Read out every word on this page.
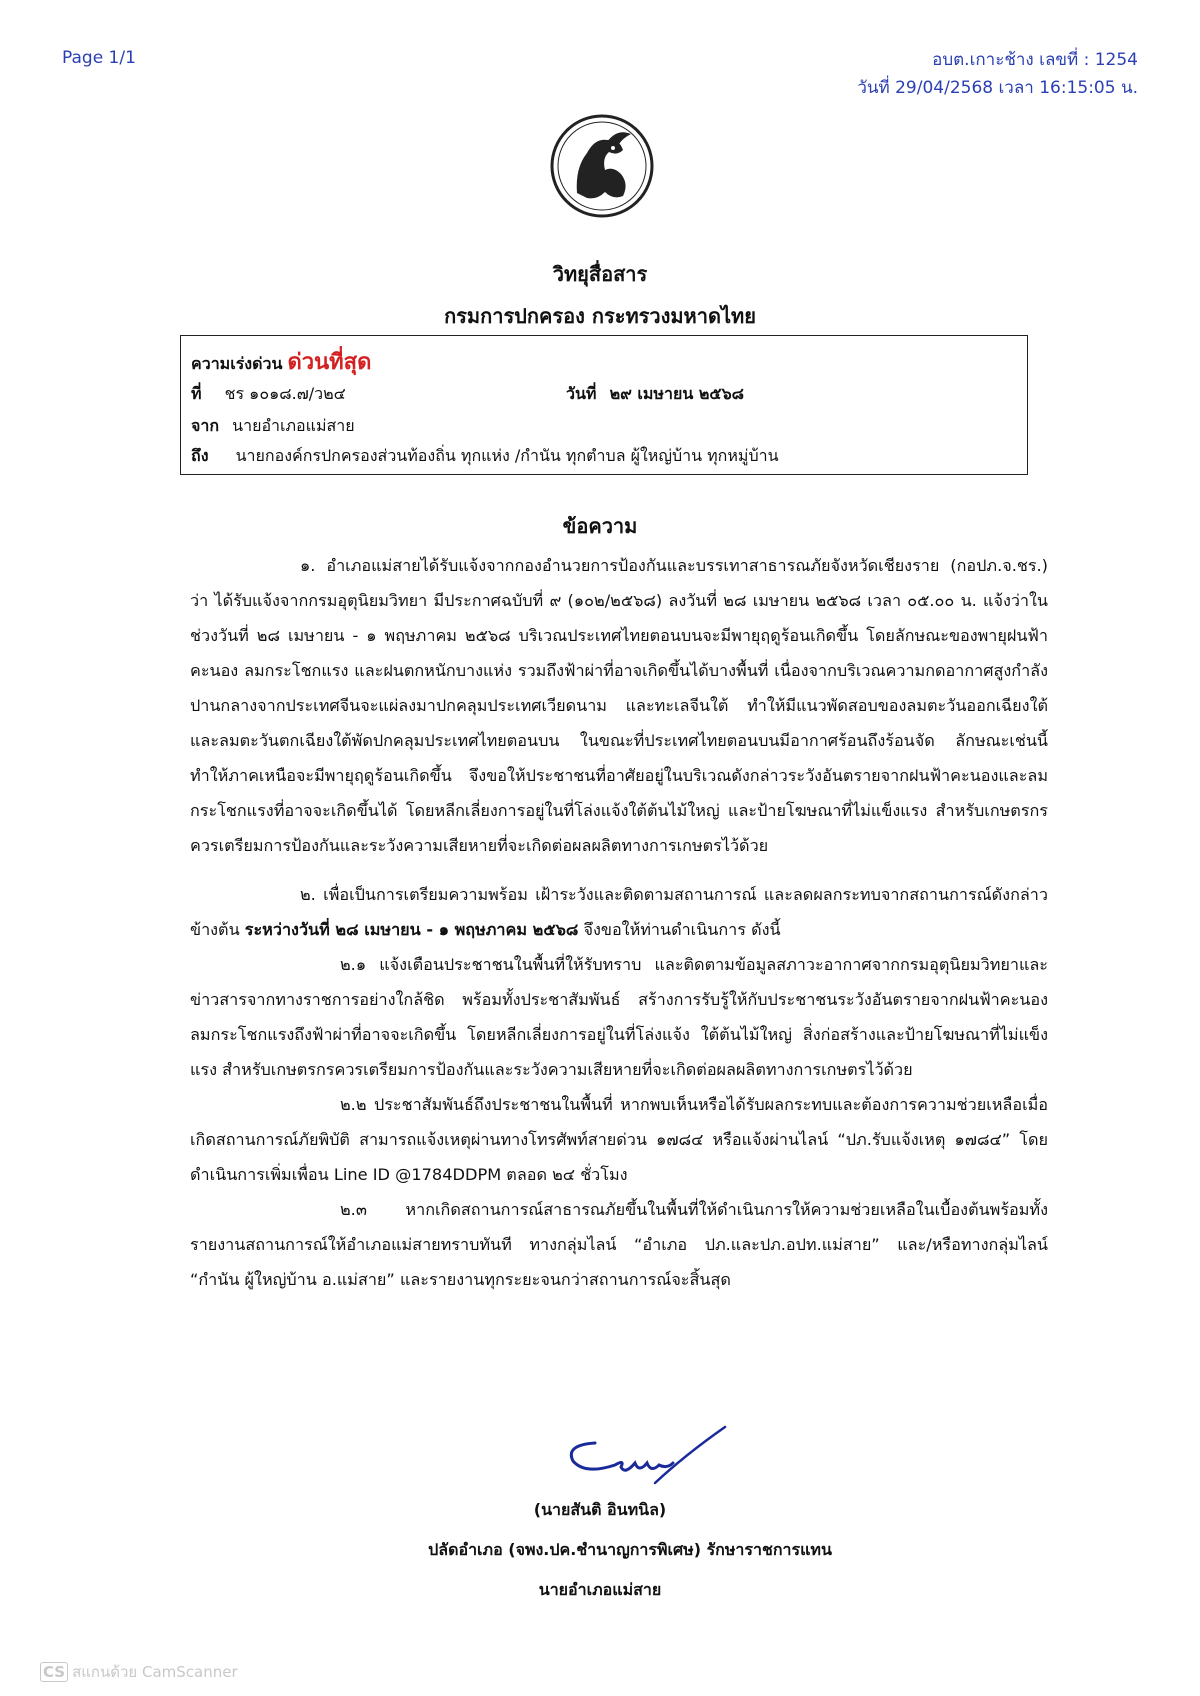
Page 1/1	อบต.เกาะช้าง เลขที่ : 1254
วันที่ 29/04/2568 เวลา 16:15:05 น.
วิทยุสื่อสาร
กรมการปกครอง กระทรวงมหาดไทย
ความเร่งด่วน ด่วนที่สุด
ที่ ชร ๑๐๑๘.๗/ว๒๔	วันที่ ๒๙ เมษายน ๒๕๖๘
จาก นายอำเภอแม่สาย
ถึง นายกองค์กรปกครองส่วนท้องถิ่น ทุกแห่ง /กำนัน ทุกตำบล ผู้ใหญ่บ้าน ทุกหมู่บ้าน
ข้อความ

๑. อำเภอแม่สายได้รับแจ้งจากกองอำนวยการป้องกันและบรรเทาสาธารณภัยจังหวัดเชียงราย (กอปภ.จ.ชร.) ว่า ได้รับแจ้งจากกรมอุตุนิยมวิทยา มีประกาศฉบับที่ ๙ (๑๐๒/๒๕๖๘) ลงวันที่ ๒๘ เมษายน ๒๕๖๘ เวลา ๐๕.๐๐ น. แจ้งว่าในช่วงวันที่ ๒๘ เมษายน - ๑ พฤษภาคม ๒๕๖๘ บริเวณประเทศไทยตอนบนจะมีพายุฤดูร้อนเกิดขึ้น โดยลักษณะของพายุฝนฟ้าคะนอง ลมกระโชกแรง และฝนตกหนักบางแห่ง รวมถึงฟ้าผ่าที่อาจเกิดขึ้นได้บางพื้นที่ เนื่องจากบริเวณความกดอากาศสูงกำลังปานกลางจากประเทศจีนจะแผ่ลงมาปกคลุมประเทศเวียดนาม และทะเลจีนใต้ ทำให้มีแนวพัดสอบของลมตะวันออกเฉียงใต้ และลมตะวันตกเฉียงใต้พัดปกคลุมประเทศไทยตอนบน ในขณะที่ประเทศไทยตอนบนมีอากาศร้อนถึงร้อนจัด ลักษณะเช่นนี้ทำให้ภาคเหนือจะมีพายุฤดูร้อนเกิดขึ้น จึงขอให้ประชาชนที่อาศัยอยู่ในบริเวณดังกล่าวระวังอันตรายจากฝนฟ้าคะนองและลมกระโชกแรงที่อาจจะเกิดขึ้นได้ โดยหลีกเลี่ยงการอยู่ในที่โล่งแจ้งใต้ต้นไม้ใหญ่ และป้ายโฆษณาที่ไม่แข็งแรง สำหรับเกษตรกรควรเตรียมการป้องกันและระวังความเสียหายที่จะเกิดต่อผลผลิตทางการเกษตรไว้ด้วย

๒. เพื่อเป็นการเตรียมความพร้อม เฝ้าระวังและติดตามสถานการณ์ และลดผลกระทบจากสถานการณ์ดังกล่าวข้างต้น ระหว่างวันที่ ๒๘ เมษายน - ๑ พฤษภาคม ๒๕๖๘ จึงขอให้ท่านดำเนินการ ดังนี้

๒.๑ แจ้งเตือนประชาชนในพื้นที่ให้รับทราบ และติดตามข้อมูลสภาวะอากาศจากกรมอุตุนิยมวิทยาและข่าวสารจากทางราชการอย่างใกล้ชิด พร้อมทั้งประชาสัมพันธ์ สร้างการรับรู้ให้กับประชาชนระวังอันตรายจากฝนฟ้าคะนอง ลมกระโชกแรงถึงฟ้าผ่าที่อาจจะเกิดขึ้น โดยหลีกเลี่ยงการอยู่ในที่โล่งแจ้ง ใต้ต้นไม้ใหญ่ สิ่งก่อสร้างและป้ายโฆษณาที่ไม่แข็งแรง สำหรับเกษตรกรควรเตรียมการป้องกันและระวังความเสียหายที่จะเกิดต่อผลผลิตทางการเกษตรไว้ด้วย

๒.๒ ประชาสัมพันธ์ถึงประชาชนในพื้นที่ หากพบเห็นหรือได้รับผลกระทบและต้องการความช่วยเหลือเมื่อเกิดสถานการณ์ภัยพิบัติ สามารถแจ้งเหตุผ่านทางโทรศัพท์สายด่วน ๑๗๘๔ หรือแจ้งผ่านไลน์ “ปภ.รับแจ้งเหตุ ๑๗๘๔” โดยดำเนินการเพิ่มเพื่อน Line ID @1784DDPM ตลอด ๒๔ ชั่วโมง

๒.๓ หากเกิดสถานการณ์สาธารณภัยขึ้นในพื้นที่ให้ดำเนินการให้ความช่วยเหลือในเบื้องต้นพร้อมทั้งรายงานสถานการณ์ให้อำเภอแม่สายทราบทันที ทางกลุ่มไลน์ “อำเภอ ปภ.และปภ.อปท.แม่สาย” และ/หรือทางกลุ่มไลน์ “กำนัน ผู้ใหญ่บ้าน อ.แม่สาย” และรายงานทุกระยะจนกว่าสถานการณ์จะสิ้นสุด

(นายสันติ อินทนิล)
ปลัดอำเภอ (จพง.ปค.ชำนาญการพิเศษ) รักษาราชการแทน
นายอำเภอแม่สาย
CS สแกนด้วย CamScanner
